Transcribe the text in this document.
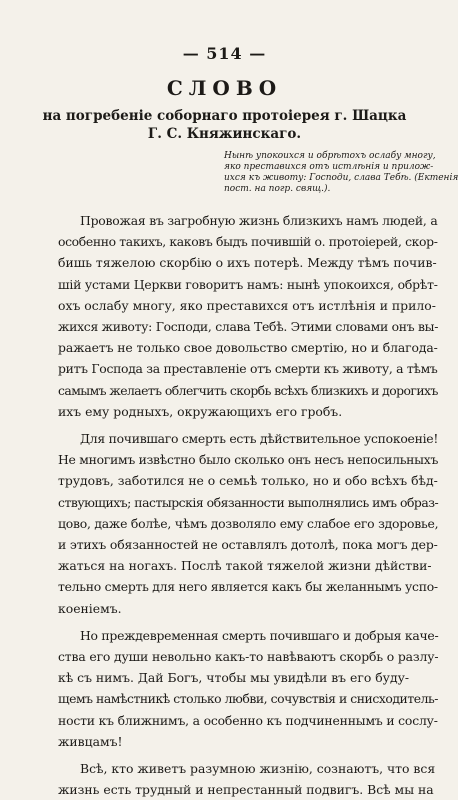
— 514 —
СЛОВО
на погребеніе соборнаго протоіерея г. Шацка
Г. С. Княжинскаго.
Нынѣ упокоихся и обрѣтохъ ослабу многу,
яко преставихся отъ истлѣнія и прилож-
ихся къ животу: Господи, слава Тебѣ. (Ектенія
пост. на погр. свящ.).
Провожая въ загробную жизнь близкихъ намъ людей, а
особенно такихъ, каковъ быдъ почившій о. протоіерей, скор-
бишь тяжелою скорбію о ихъ потерѣ. Между тѣмъ почив-
шій устами Церкви говоритъ намъ: нынѣ упокоихся, обрѣт-
охъ ослабу многу, яко преставихся отъ истлѣнія и прило-
жихся животу: Господи, слава Тебѣ. Этими словами онъ вы-
ражаетъ не только свое довольство смертію, но и благода-
ритъ Господа за преставленіе отъ смерти къ животу, а тѣмъ
самымъ желаетъ облегчить скорбь всѣхъ близкихъ и дорогихъ
ихъ ему родныхъ, окружающихъ его гробъ.
Для почившаго смерть есть дѣйствительное успокоеніе!
Не многимъ извѣстно было сколько онъ несъ непосильныхъ
трудовъ, заботился не о семьѣ только, но и обо всѣхъ бѣд-
ствующихъ; пастырскія обязанности выполнялись имъ образ-
цово, даже болѣе, чѣмъ дозволяло ему слабое его здоровье,
и этихъ обязанностей не оставлялъ дотолѣ, пока могъ дер-
жаться на ногахъ. Послѣ такой тяжелой жизни дѣйстви-
тельно смерть для него является какъ бы желаннымъ успо-
коеніемъ.
Но преждевременная смерть почившаго и добрыя каче-
ства его души невольно какъ-то навѣваютъ скорбь о разлу-
кѣ съ нимъ. Дай Богъ, чтобы мы увидѣли въ его буду-
щемъ намѣстникѣ столько любви, сочувствія и снисходитель-
ности къ ближнимъ, а особенно къ подчиненнымъ и сослу-
живцамъ!
Всѣ, кто живетъ разумною жизнію, сознаютъ, что вся
жизнь есть трудный и непрестанный подвигъ. Всѣ мы на
